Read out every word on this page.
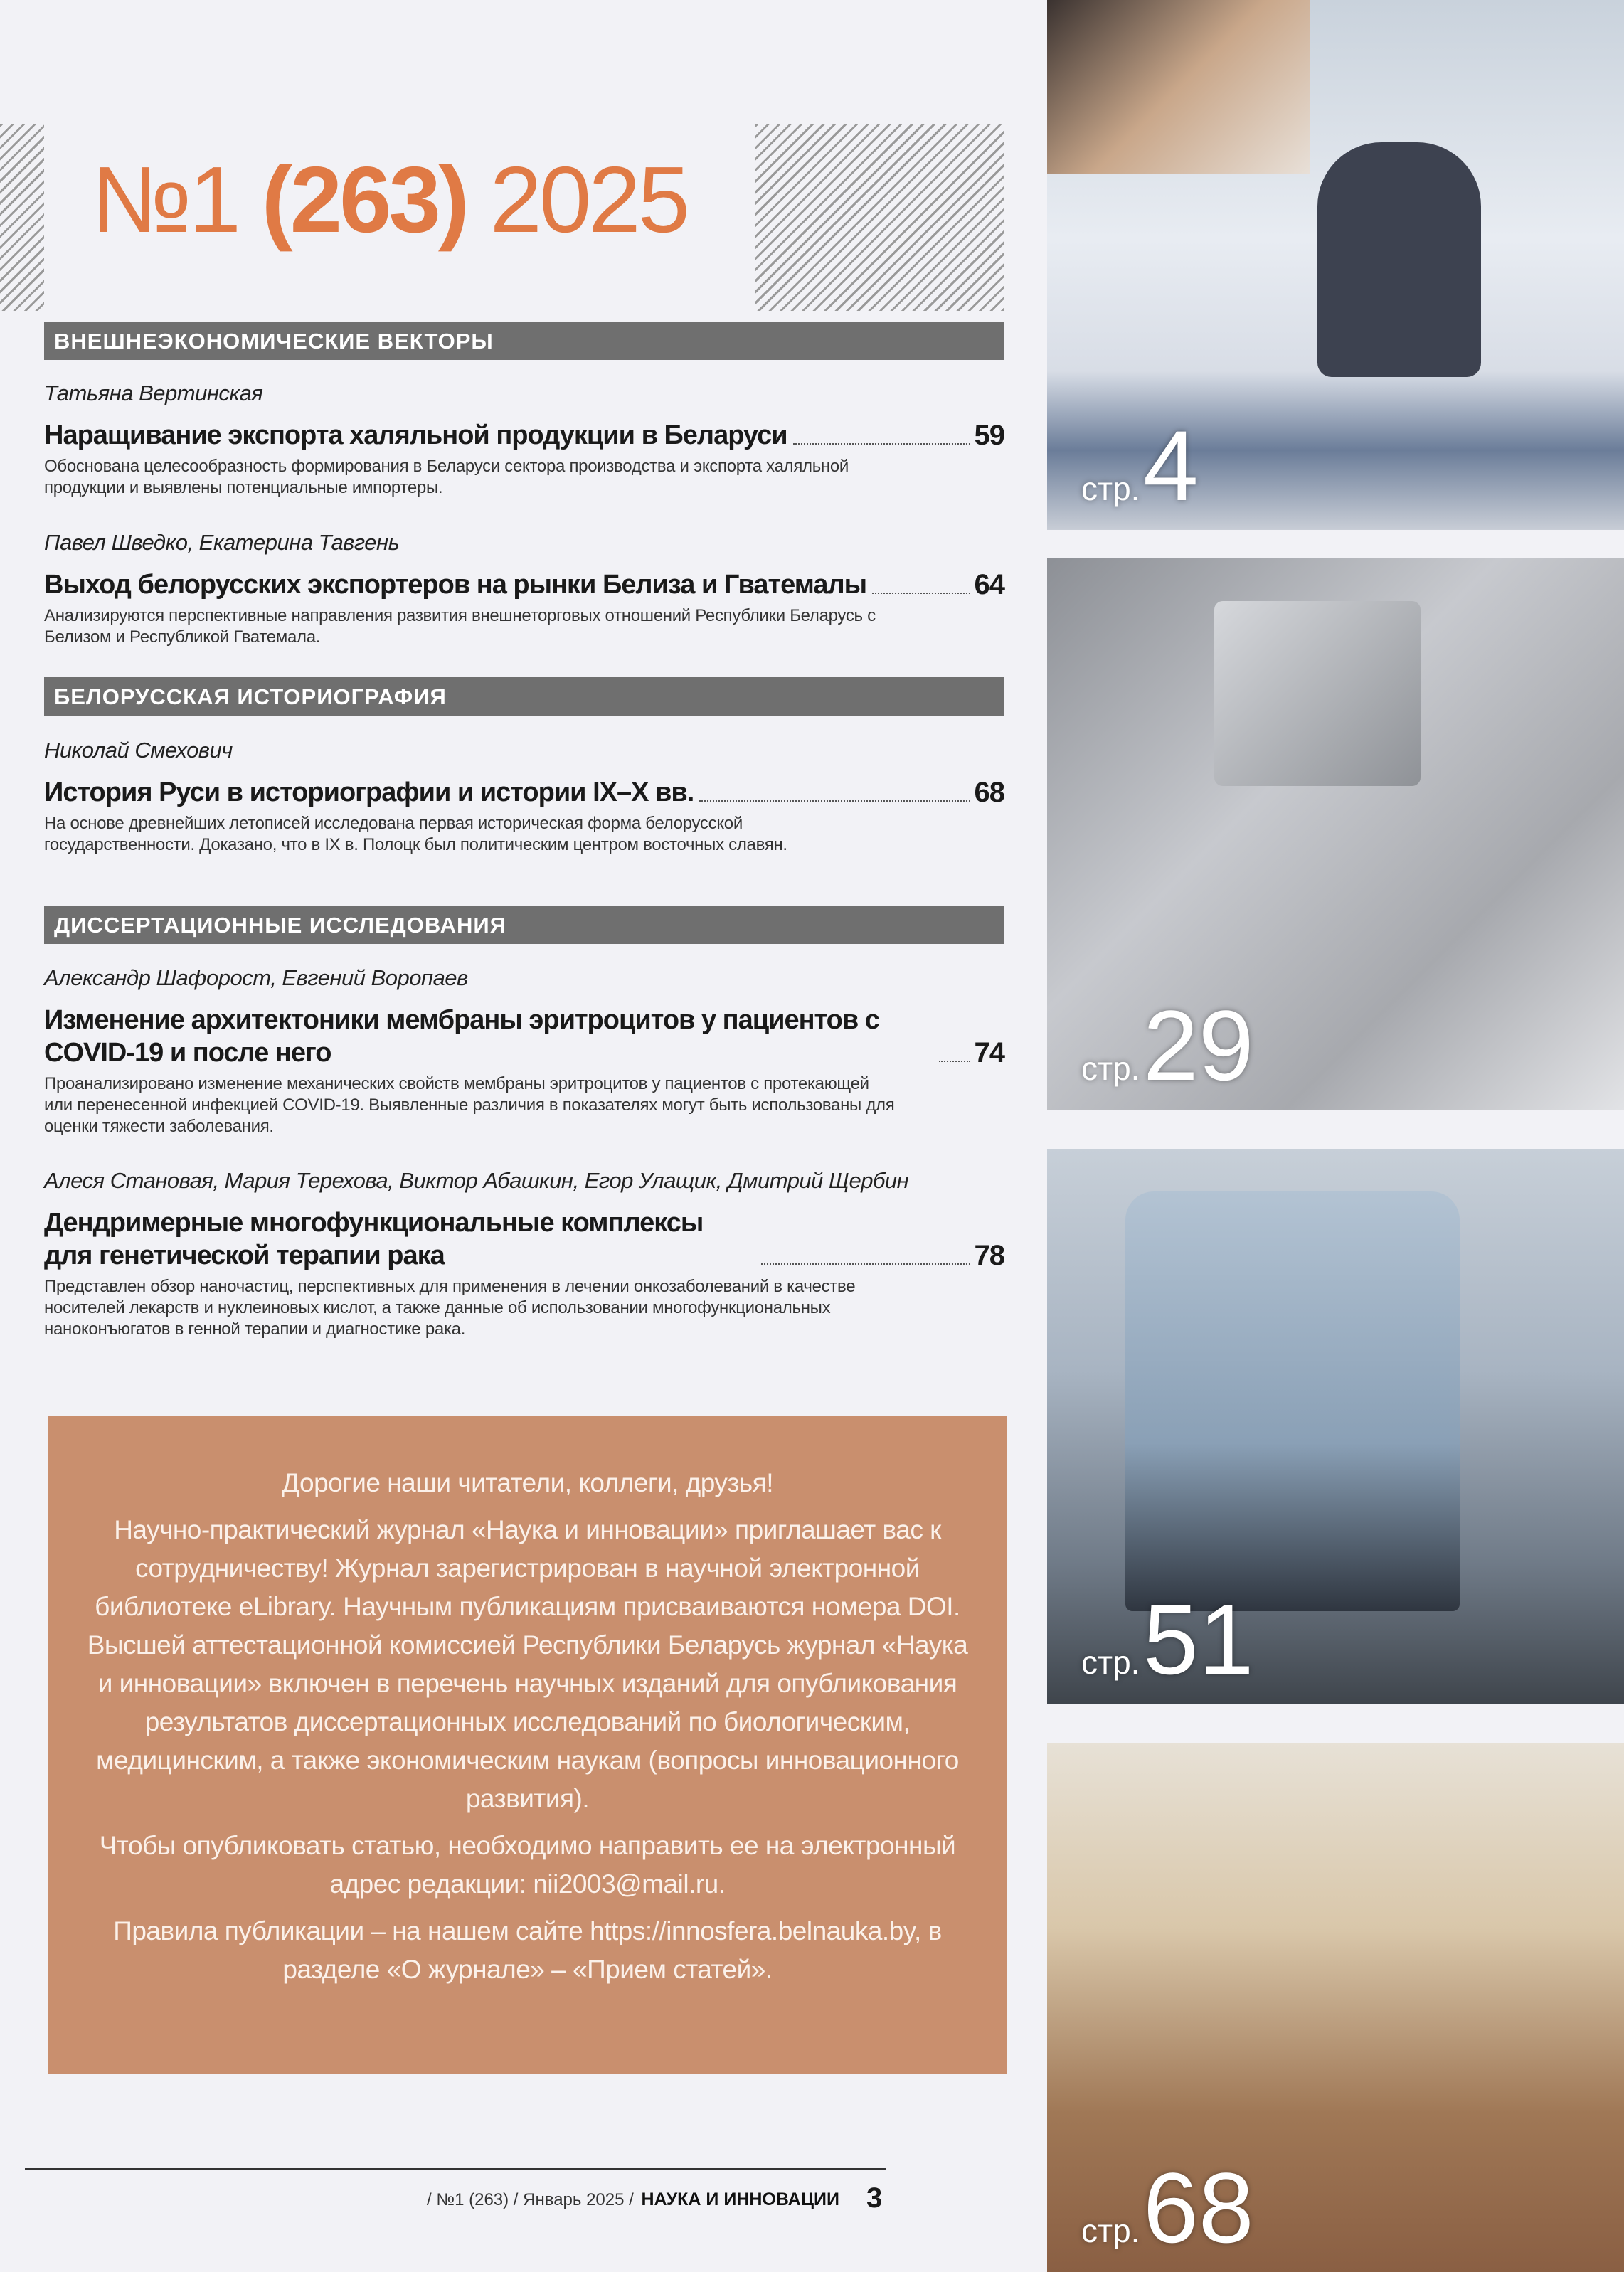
№1 (263) 2025
ВНЕШНЕЭКОНОМИЧЕСКИЕ ВЕКТОРЫ
Татьяна Вертинская
Наращивание экспорта халяльной продукции в Беларуси	59
Обоснована целесообразность формирования в Беларуси сектора производства и экспорта халяльной продукции и выявлены потенциальные импортеры.
Павел Шведко, Екатерина Тавгень
Выход белорусских экспортеров на рынки Белиза и Гватемалы	64
Анализируются перспективные направления развития внешнеторговых отношений Республики Беларусь с Белизом и Республикой Гватемала.
БЕЛОРУССКАЯ ИСТОРИОГРАФИЯ
Николай Смехович
История Руси в историографии и истории IX–X вв.	68
На основе древнейших летописей исследована первая историческая форма белорусской государственности. Доказано, что в IX в. Полоцк был политическим центром восточных славян.
ДИССЕРТАЦИОННЫЕ ИССЛЕДОВАНИЯ
Александр Шафорост, Евгений Воропаев
Изменение архитектоники мембраны эритроцитов у пациентов с COVID-19 и после него	74
Проанализировано изменение механических свойств мембраны эритроцитов у пациентов с протекающей или перенесенной инфекцией COVID-19. Выявленные различия в показателях могут быть использованы для оценки тяжести заболевания.
Алеся Становая, Мария Терехова, Виктор Абашкин, Егор Улащик, Дмитрий Щербин
Дендримерные многофункциональные комплексы для генетической терапии рака	78
Представлен обзор наночастиц, перспективных для применения в лечении онкозаболеваний в качестве носителей лекарств и нуклеиновых кислот, а также данные об использовании многофункциональных наноконъюгатов в генной терапии и диагностике рака.

Дорогие наши читатели, коллеги, друзья!

Научно-практический журнал «Наука и инновации» приглашает вас к сотрудничеству! Журнал зарегистрирован в научной электронной библиотеке eLibrary. Научным публикациям присваиваются номера DOI. Высшей аттестационной комиссией Республики Беларусь журнал «Наука и инновации» включен в перечень научных изданий для опубликования результатов диссертационных исследований по биологическим, медицинским, а также экономическим наукам (вопросы инновационного развития).

Чтобы опубликовать статью, необходимо направить ее на электронный адрес редакции: nii2003@mail.ru.

Правила публикации – на нашем сайте https://innosfera.belnauka.by, в разделе «О журнале» – «Прием статей».

стр. 4
стр. 29
стр. 51
стр. 68
/ №1 (263) / Январь 2025 / НАУКА И ИННОВАЦИИ 3
